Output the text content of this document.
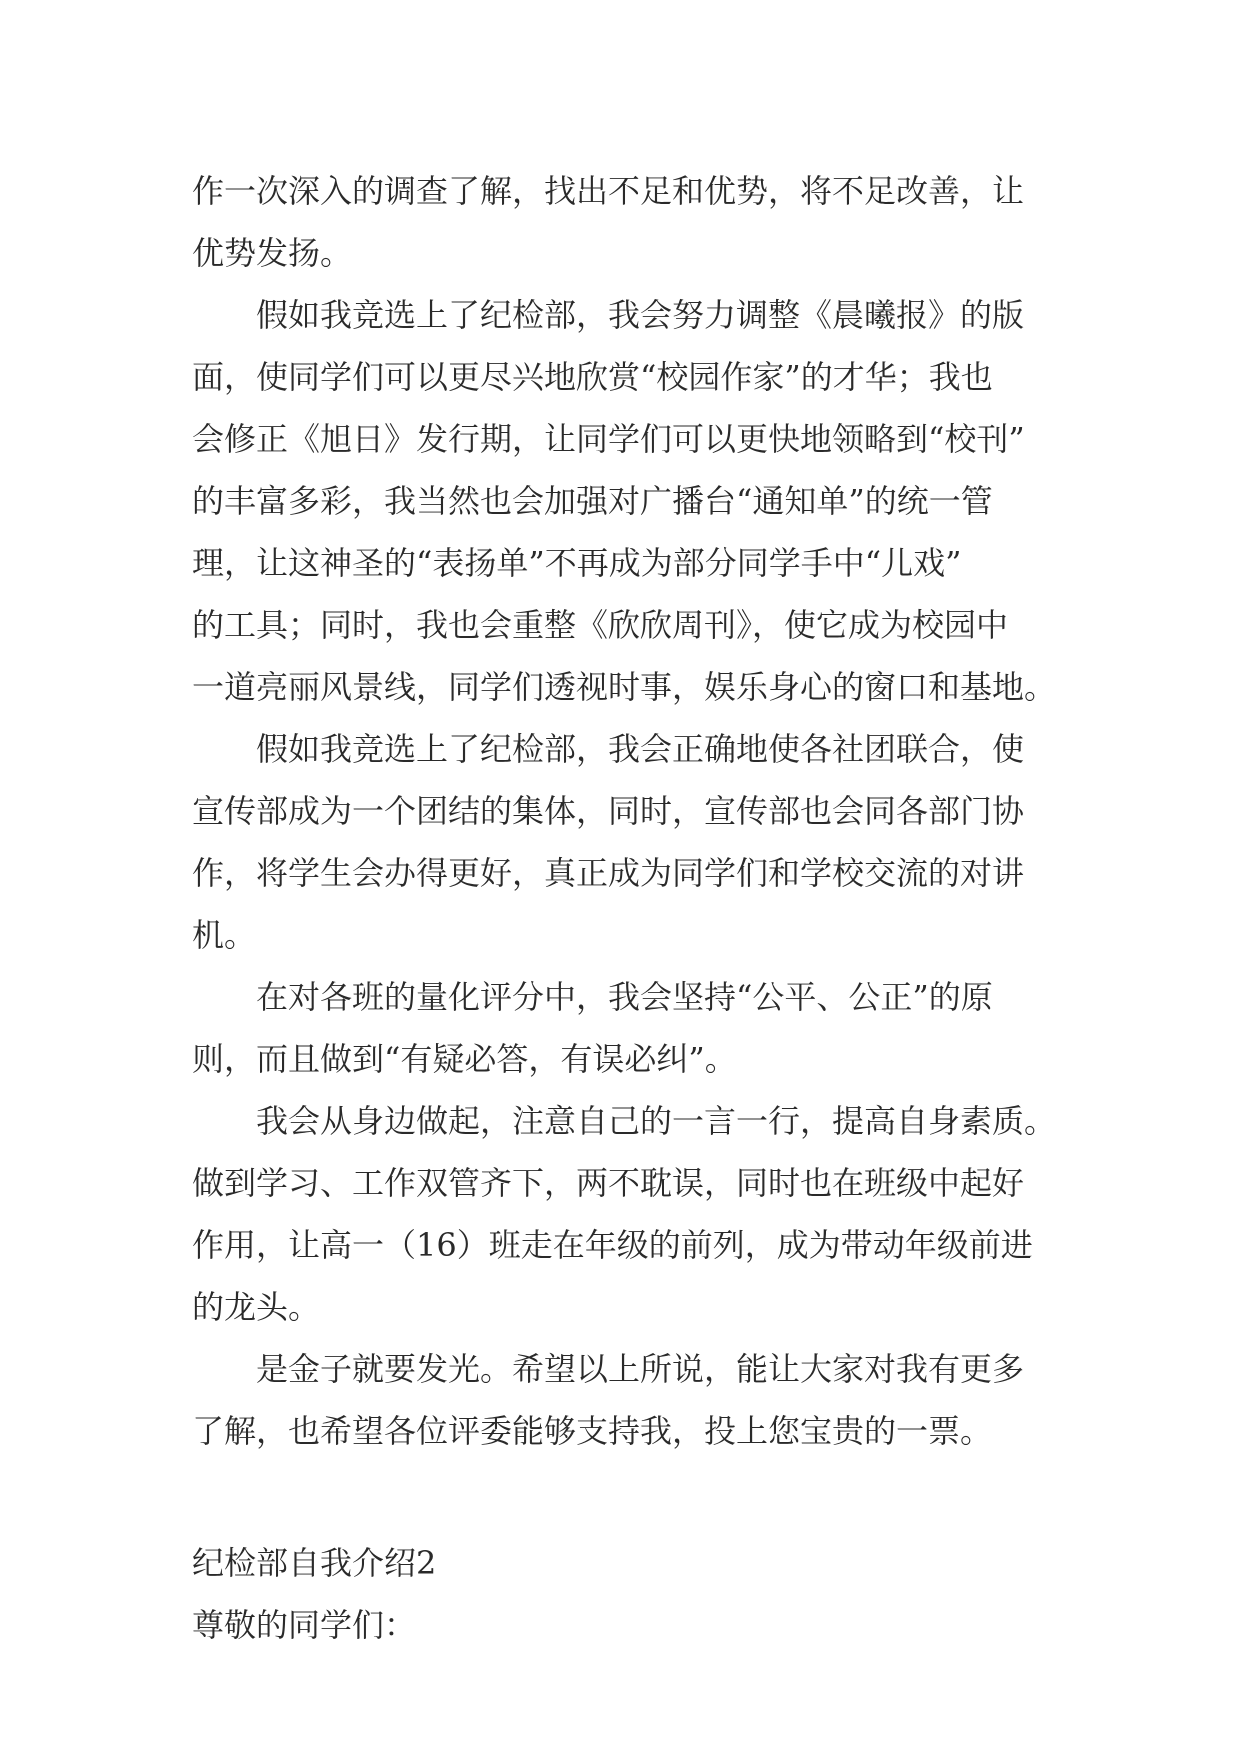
作一次深入的调查了解，找出不足和优势，将不足改善，让
优势发扬。
假如我竞选上了纪检部，我会努力调整《晨曦报》的版
面，使同学们可以更尽兴地欣赏“校园作家”的才华；我也
会修正《旭日》发行期，让同学们可以更快地领略到“校刊”
的丰富多彩，我当然也会加强对广播台“通知单”的统一管
理，让这神圣的“表扬单”不再成为部分同学手中“儿戏”
的工具；同时，我也会重整《欣欣周刊》，使它成为校园中
一道亮丽风景线，同学们透视时事，娱乐身心的窗口和基地。
假如我竞选上了纪检部，我会正确地使各社团联合，使
宣传部成为一个团结的集体，同时，宣传部也会同各部门协
作，将学生会办得更好，真正成为同学们和学校交流的对讲
机。
在对各班的量化评分中，我会坚持“公平、公正”的原
则，而且做到“有疑必答，有误必纠”。
我会从身边做起，注意自己的一言一行，提高自身素质。
做到学习、工作双管齐下，两不耽误，同时也在班级中起好
作用，让高一（16）班走在年级的前列，成为带动年级前进
的龙头。
是金子就要发光。希望以上所说，能让大家对我有更多
了解，也希望各位评委能够支持我，投上您宝贵的一票。
纪检部自我介绍2
尊敬的同学们：
